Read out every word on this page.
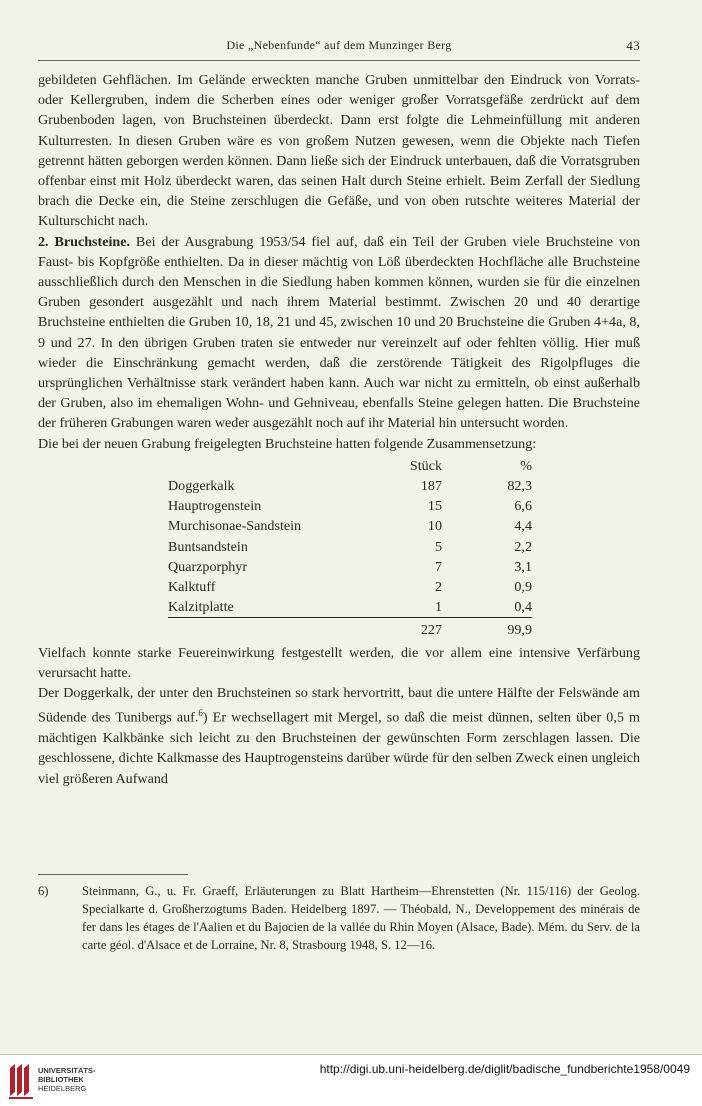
Die „Nebenfunde“ auf dem Munzinger Berg	43

gebildeten Gehflächen. Im Gelände erweckten manche Gruben unmittelbar den Eindruck von Vorrats- oder Kellergruben, indem die Scherben eines oder weniger großer Vorratsgefäße zerdrückt auf dem Grubenboden lagen, von Bruchsteinen überdeckt. Dann erst folgte die Lehmeinfüllung mit anderen Kulturresten. In diesen Gruben wäre es von großem Nutzen gewesen, wenn die Objekte nach Tiefen getrennt hätten geborgen werden können. Dann ließe sich der Eindruck unterbauen, daß die Vorratsgruben offenbar einst mit Holz überdeckt waren, das seinen Halt durch Steine erhielt. Beim Zerfall der Siedlung brach die Decke ein, die Steine zerschlugen die Gefäße, und von oben rutschte weiteres Material der Kulturschicht nach.

2. Bruchsteine. Bei der Ausgrabung 1953/54 fiel auf, daß ein Teil der Gruben viele Bruchsteine von Faust- bis Kopfgröße enthielten. Da in dieser mächtig von Löß überdeckten Hochfläche alle Bruchsteine ausschließlich durch den Menschen in die Siedlung haben kommen können, wurden sie für die einzelnen Gruben gesondert ausgezählt und nach ihrem Material bestimmt. Zwischen 20 und 40 derartige Bruchsteine enthielten die Gruben 10, 18, 21 und 45, zwischen 10 und 20 Bruchsteine die Gruben 4+4a, 8, 9 und 27. In den übrigen Gruben traten sie entweder nur vereinzelt auf oder fehlten völlig. Hier muß wieder die Einschränkung gemacht werden, daß die zerstörende Tätigkeit des Rigolpfluges die ursprünglichen Verhältnisse stark verändert haben kann. Auch war nicht zu ermitteln, ob einst außerhalb der Gruben, also im ehemaligen Wohn- und Gehniveau, ebenfalls Steine gelegen hatten. Die Bruchsteine der früheren Grabungen waren weder ausgezählt noch auf ihr Material hin untersucht worden.

Die bei der neuen Grabung freigelegten Bruchsteine hatten folgende Zusammensetzung:

	Stück	%
Doggerkalk	187	82,3
Hauptrogenstein	15	6,6
Murchisonae-Sandstein	10	4,4
Buntsandstein	5	2,2
Quarzporphyr	7	3,1
Kalktuff	2	0,9
Kalzitplatte	1	0,4
	227	99,9

Vielfach konnte starke Feuereinwirkung festgestellt werden, die vor allem eine intensive Verfärbung verursacht hatte.

Der Doggerkalk, der unter den Bruchsteinen so stark hervortritt, baut die untere Hälfte der Felswände am Südende des Tunibergs auf.$^6$) Er wechsellagert mit Mergel, so daß die meist dünnen, selten über 0,5 m mächtigen Kalkbänke sich leicht zu den Bruchsteinen der gewünschten Form zerschlagen lassen. Die geschlossene, dichte Kalkmasse des Hauptrogensteins darüber würde für den selben Zweck einen ungleich viel größeren Aufwand

6)	Steinmann, G., u. Fr. Graeff, Erläuterungen zu Blatt Hartheim—Ehrenstetten (Nr. 115/116) der Geolog. Specialkarte d. Großherzogtums Baden. Heidelberg 1897. — Théobald, N., Developpement des minérais de fer dans les étages de l'Aalien et du Bajocien de la vallée du Rhin Moyen (Alsace, Bade). Mém. du Serv. de la carte géol. d'Alsace et de Lorraine, Nr. 8, Strasbourg 1948, S. 12—16.
UNIVERSITÄTS-
BIBLIOTHEK
HEIDELBERG
http://digi.ub.uni-heidelberg.de/diglit/badische_fundberichte1958/0049
